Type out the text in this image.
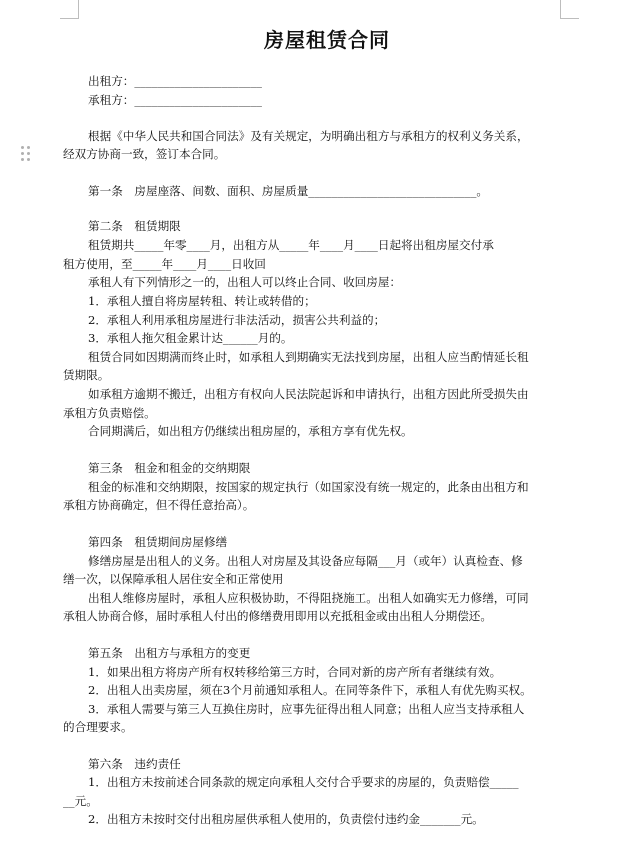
房屋租赁合同
出租方：______________________
承租方：______________________
根据《中华人民共和国合同法》及有关规定，为明确出租方与承租方的权利义务关系，
经双方协商一致，签订本合同。
第一条　房屋座落、间数、面积、房屋质量_____________________________。
第二条　租赁期限
租赁期共_____年零____月，出租方从_____年____月____日起将出租房屋交付承
租方使用，至_____年____月____日收回
承租人有下列情形之一的，出租人可以终止合同、收回房屋：
1．承租人擅自将房屋转租、转让或转借的；
2．承租人利用承租房屋进行非法活动，损害公共利益的；
3．承租人拖欠租金累计达______月的。
租赁合同如因期满而终止时，如承租人到期确实无法找到房屋，出租人应当酌情延长租
赁期限。
如承租方逾期不搬迁，出租方有权向人民法院起诉和申请执行，出租方因此所受损失由
承租方负责赔偿。
合同期满后，如出租方仍继续出租房屋的，承租方享有优先权。
第三条　租金和租金的交纳期限
租金的标准和交纳期限，按国家的规定执行（如国家没有统一规定的，此条由出租方和
承租方协商确定，但不得任意抬高）。
第四条　租赁期间房屋修缮
修缮房屋是出租人的义务。出租人对房屋及其设备应每隔___月（或年）认真检查、修
缮一次，以保障承租人居住安全和正常使用
出租人维修房屋时，承租人应积极协助，不得阻挠施工。出租人如确实无力修缮，可同
承租人协商合修，届时承租人付出的修缮费用即用以充抵租金或由出租人分期偿还。
第五条　出租方与承租方的变更
1．如果出租方将房产所有权转移给第三方时，合同对新的房产所有者继续有效。
2．出租人出卖房屋，须在3个月前通知承租人。在同等条件下，承租人有优先购买权。
3．承租人需要与第三人互换住房时，应事先征得出租人同意；出租人应当支持承租人
的合理要求。
第六条　违约责任
1．出租方未按前述合同条款的规定向承租人交付合乎要求的房屋的，负责赔偿_____
__元。
2．出租方未按时交付出租房屋供承租人使用的，负责偿付违约金_______元。
